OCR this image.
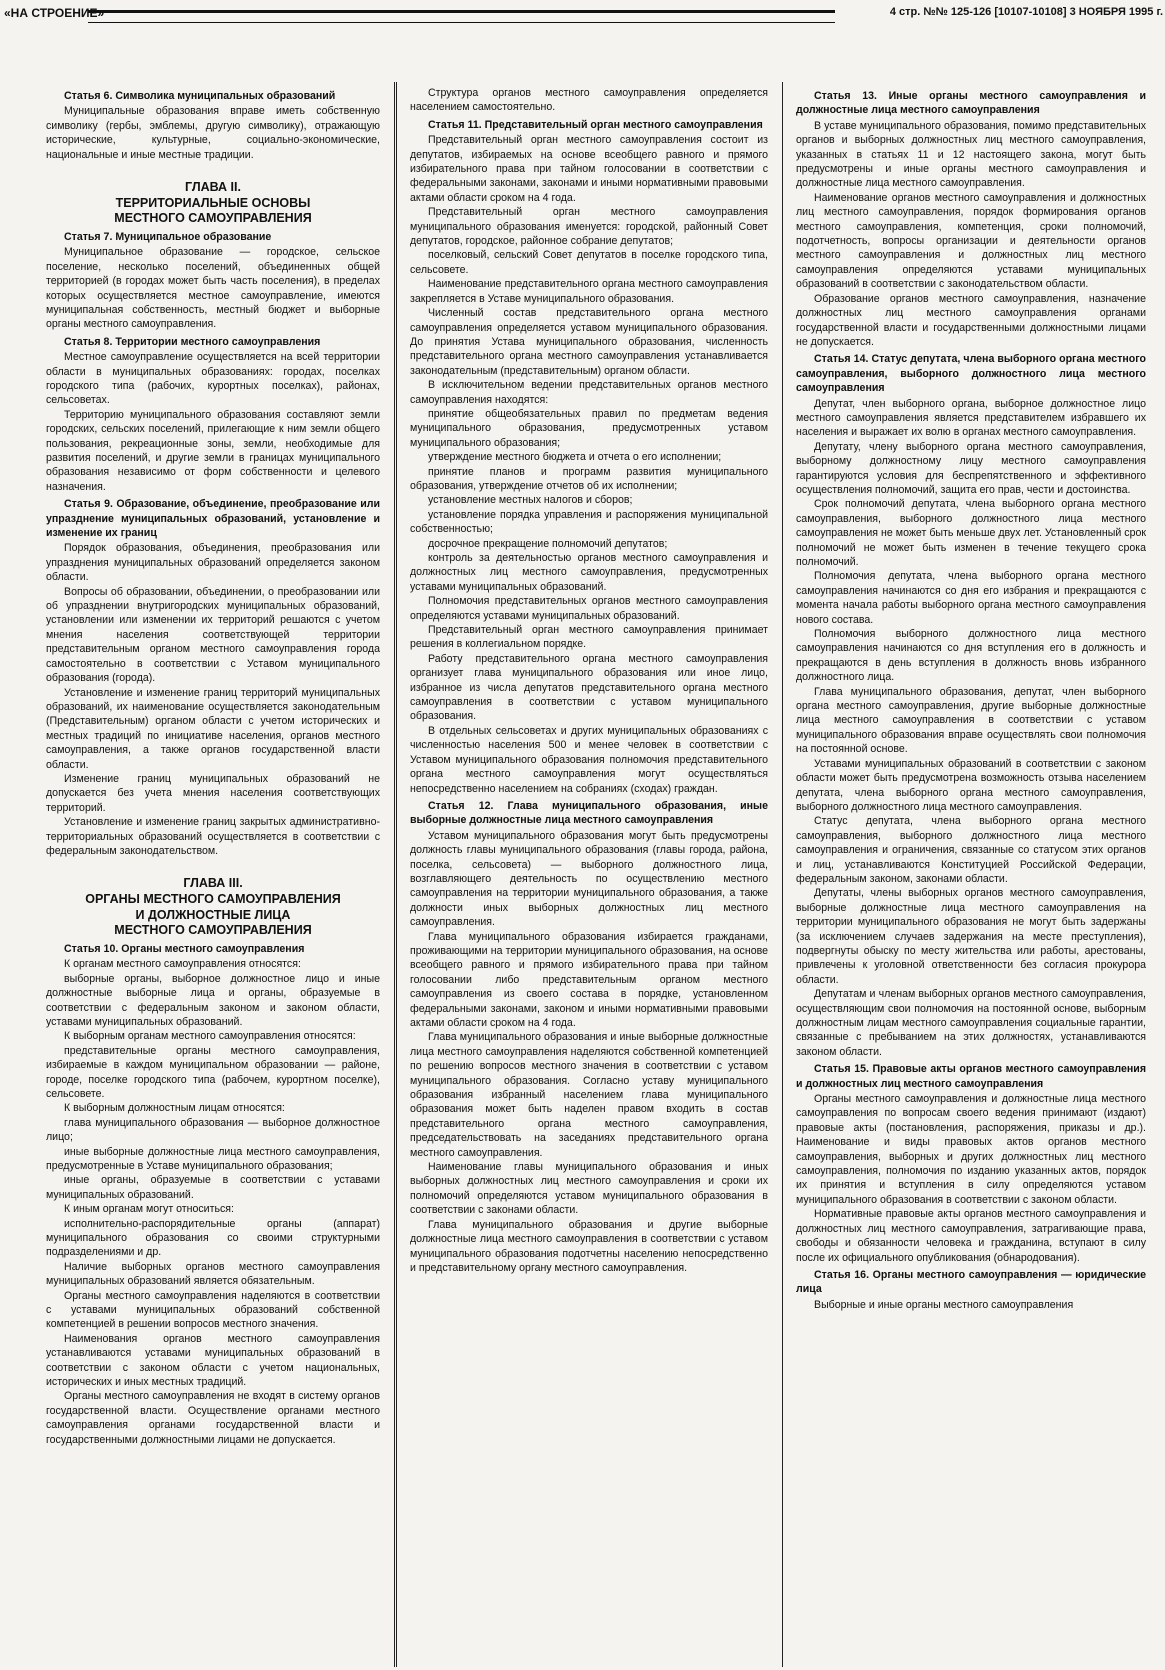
«НА СТРОЕНИЕ»	4 стр. №№ 125-126 [10107-10108] 3 НОЯБРЯ 1995 г.

Статья 6. Символика муниципальных образований

Муниципальные образования вправе иметь собственную символику (гербы, эмблемы, другую символику), отражающую исторические, культурные, социально-экономические, национальные и иные местные традиции.

ГЛАВА II.
ТЕРРИТОРИАЛЬНЫЕ ОСНОВЫ
МЕСТНОГО САМОУПРАВЛЕНИЯ

Статья 7. Муниципальное образование

Муниципальное образование — городское, сельское поселение, несколько поселений, объединенных общей территорией (в городах может быть часть поселения), в пределах которых осуществляется местное самоуправление, имеются муниципальная собственность, местный бюджет и выборные органы местного самоуправления.

Статья 8. Территории местного самоуправления

Местное самоуправление осуществляется на всей территории области в муниципальных образованиях: городах, поселках городского типа (рабочих, курортных поселках), районах, сельсоветах.

Территорию муниципального образования составляют земли городских, сельских поселений, прилегающие к ним земли общего пользования, рекреационные зоны, земли, необходимые для развития поселений, и другие земли в границах муниципального образования независимо от форм собственности и целевого назначения.

Статья 9. Образование, объединение, преобразование или упразднение муниципальных образований, установление и изменение их границ

Порядок образования, объединения, преобразования или упразднения муниципальных образований определяется законом области.

Вопросы об образовании, объединении, о преобразовании или об упразднении внутригородских муниципальных образований, установлении или изменении их территорий решаются с учетом мнения населения соответствующей территории представительным органом местного самоуправления города самостоятельно в соответствии с Уставом муниципального образования (города).

Установление и изменение границ территорий муниципальных образований, их наименование осуществляется законодательным (Представительным) органом области с учетом исторических и местных традиций по инициативе населения, органов местного самоуправления, а также органов государственной власти области.

Изменение границ муниципальных образований не допускается без учета мнения населения соответствующих территорий.

Установление и изменение границ закрытых административно-территориальных образований осуществляется в соответствии с федеральным законодательством.

ГЛАВА III.
ОРГАНЫ МЕСТНОГО САМОУПРАВЛЕНИЯ
И ДОЛЖНОСТНЫЕ ЛИЦА
МЕСТНОГО САМОУПРАВЛЕНИЯ

Статья 10. Органы местного самоуправления

К органам местного самоуправления относятся:

выборные органы, выборное должностное лицо и иные должностные выборные лица и органы, образуемые в соответствии с федеральным законом и законом области, уставами муниципальных образований.

К выборным органам местного самоуправления относятся:

представительные органы местного самоуправления, избираемые в каждом муниципальном образовании — районе, городе, поселке городского типа (рабочем, курортном поселке), сельсовете.

К выборным должностным лицам относятся:

глава муниципального образования — выборное должностное лицо;

иные выборные должностные лица местного самоуправления, предусмотренные в Уставе муниципального образования;

иные органы, образуемые в соответствии с уставами муниципальных образований.

К иным органам могут относиться:

исполнительно-распорядительные органы (аппарат) муниципального образования со своими структурными подразделениями и др.

Наличие выборных органов местного самоуправления муниципальных образований является обязательным.

Органы местного самоуправления наделяются в соответствии с уставами муниципальных образований собственной компетенцией в решении вопросов местного значения.

Наименования органов местного самоуправления устанавливаются уставами муниципальных образований в соответствии с законом области с учетом национальных, исторических и иных местных традиций.

Органы местного самоуправления не входят в систему органов государственной власти. Осуществление органами местного самоуправления органами государственной власти и государственными должностными лицами не допускается.

Структура органов местного самоуправления определяется населением самостоятельно.

Статья 11. Представительный орган местного самоуправления

Представительный орган местного самоуправления состоит из депутатов, избираемых на основе всеобщего равного и прямого избирательного права при тайном голосовании в соответствии с федеральными законами, законами и иными нормативными правовыми актами области сроком на 4 года.

Представительный орган местного самоуправления муниципального образования именуется: городской, районный Совет депутатов, городское, районное собрание депутатов;

поселковый, сельский Совет депутатов в поселке городского типа, сельсовете.

Наименование представительного органа местного самоуправления закрепляется в Уставе муниципального образования.

Численный состав представительного органа местного самоуправления определяется уставом муниципального образования. До принятия Устава муниципального образования, численность представительного органа местного самоуправления устанавливается законодательным (представительным) органом области.

В исключительном ведении представительных органов местного самоуправления находятся:

принятие общеобязательных правил по предметам ведения муниципального образования, предусмотренных уставом муниципального образования;

утверждение местного бюджета и отчета о его исполнении;

принятие планов и программ развития муниципального образования, утверждение отчетов об их исполнении;

установление местных налогов и сборов;

установление порядка управления и распоряжения муниципальной собственностью;

досрочное прекращение полномочий депутатов;

контроль за деятельностью органов местного самоуправления и должностных лиц местного самоуправления, предусмотренных уставами муниципальных образований.

Полномочия представительных органов местного самоуправления определяются уставами муниципальных образований.

Представительный орган местного самоуправления принимает решения в коллегиальном порядке.

Работу представительного органа местного самоуправления организует глава муниципального образования или иное лицо, избранное из числа депутатов представительного органа местного самоуправления в соответствии с уставом муниципального образования.

В отдельных сельсоветах и других муниципальных образованиях с численностью населения 500 и менее человек в соответствии с Уставом муниципального образования полномочия представительного органа местного самоуправления могут осуществляться непосредственно населением на собраниях (сходах) граждан.

Статья 12. Глава муниципального образования, иные выборные должностные лица местного самоуправления

Уставом муниципального образования могут быть предусмотрены должность главы муниципального образования (главы города, района, поселка, сельсовета) — выборного должностного лица, возглавляющего деятельность по осуществлению местного самоуправления на территории муниципального образования, а также должности иных выборных должностных лиц местного самоуправления.

Глава муниципального образования избирается гражданами, проживающими на территории муниципального образования, на основе всеобщего равного и прямого избирательного права при тайном голосовании либо представительным органом местного самоуправления из своего состава в порядке, установленном федеральными законами, законом и иными нормативными правовыми актами области сроком на 4 года.

Глава муниципального образования и иные выборные должностные лица местного самоуправления наделяются собственной компетенцией по решению вопросов местного значения в соответствии с уставом муниципального образования. Согласно уставу муниципального образования избранный населением глава муниципального образования может быть наделен правом входить в состав представительного органа местного самоуправления, председательствовать на заседаниях представительного органа местного самоуправления.

Наименование главы муниципального образования и иных выборных должностных лиц местного самоуправления и сроки их полномочий определяются уставом муниципального образования в соответствии с законами области.

Глава муниципального образования и другие выборные должностные лица местного самоуправления в соответствии с уставом муниципального образования подотчетны населению непосредственно и представительному органу местного самоуправления.

Статья 13. Иные органы местного самоуправления и должностные лица местного самоуправления

В уставе муниципального образования, помимо представительных органов и выборных должностных лиц местного самоуправления, указанных в статьях 11 и 12 настоящего закона, могут быть предусмотрены и иные органы местного самоуправления и должностные лица местного самоуправления.

Наименование органов местного самоуправления и должностных лиц местного самоуправления, порядок формирования органов местного самоуправления, компетенция, сроки полномочий, подотчетность, вопросы организации и деятельности органов местного самоуправления и должностных лиц местного самоуправления определяются уставами муниципальных образований в соответствии с законодательством области.

Образование органов местного самоуправления, назначение должностных лиц местного самоуправления органами государственной власти и государственными должностными лицами не допускается.

Статья 14. Статус депутата, члена выборного органа местного самоуправления, выборного должностного лица местного самоуправления

Депутат, член выборного органа, выборное должностное лицо местного самоуправления является представителем избравшего их населения и выражает их волю в органах местного самоуправления.

Депутату, члену выборного органа местного самоуправления, выборному должностному лицу местного самоуправления гарантируются условия для беспрепятственного и эффективного осуществления полномочий, защита его прав, чести и достоинства.

Срок полномочий депутата, члена выборного органа местного самоуправления, выборного должностного лица местного самоуправления не может быть меньше двух лет. Установленный срок полномочий не может быть изменен в течение текущего срока полномочий.

Полномочия депутата, члена выборного органа местного самоуправления начинаются со дня его избрания и прекращаются с момента начала работы выборного органа местного самоуправления нового состава.

Полномочия выборного должностного лица местного самоуправления начинаются со дня вступления его в должность и прекращаются в день вступления в должность вновь избранного должностного лица.

Глава муниципального образования, депутат, член выборного органа местного самоуправления, другие выборные должностные лица местного самоуправления в соответствии с уставом муниципального образования вправе осуществлять свои полномочия на постоянной основе.

Уставами муниципальных образований в соответствии с законом области может быть предусмотрена возможность отзыва населением депутата, члена выборного органа местного самоуправления, выборного должностного лица местного самоуправления.

Статус депутата, члена выборного органа местного самоуправления, выборного должностного лица местного самоуправления и ограничения, связанные со статусом этих органов и лиц, устанавливаются Конституцией Российской Федерации, федеральным законом, законами области.

Депутаты, члены выборных органов местного самоуправления, выборные должностные лица местного самоуправления на территории муниципального образования не могут быть задержаны (за исключением случаев задержания на месте преступления), подвергнуты обыску по месту жительства или работы, арестованы, привлечены к уголовной ответственности без согласия прокурора области.

Депутатам и членам выборных органов местного самоуправления, осуществляющим свои полномочия на постоянной основе, выборным должностным лицам местного самоуправления социальные гарантии, связанные с пребыванием на этих должностях, устанавливаются законом области.

Статья 15. Правовые акты органов местного самоуправления и должностных лиц местного самоуправления

Органы местного самоуправления и должностные лица местного самоуправления по вопросам своего ведения принимают (издают) правовые акты (постановления, распоряжения, приказы и др.). Наименование и виды правовых актов органов местного самоуправления, выборных и других должностных лиц местного самоуправления, полномочия по изданию указанных актов, порядок их принятия и вступления в силу определяются уставом муниципального образования в соответствии с законом области.

Нормативные правовые акты органов местного самоуправления и должностных лиц местного самоуправления, затрагивающие права, свободы и обязанности человека и гражданина, вступают в силу после их официального опубликования (обнародования).

Статья 16. Органы местного самоуправления — юридические лица

Выборные и иные органы местного самоуправления
